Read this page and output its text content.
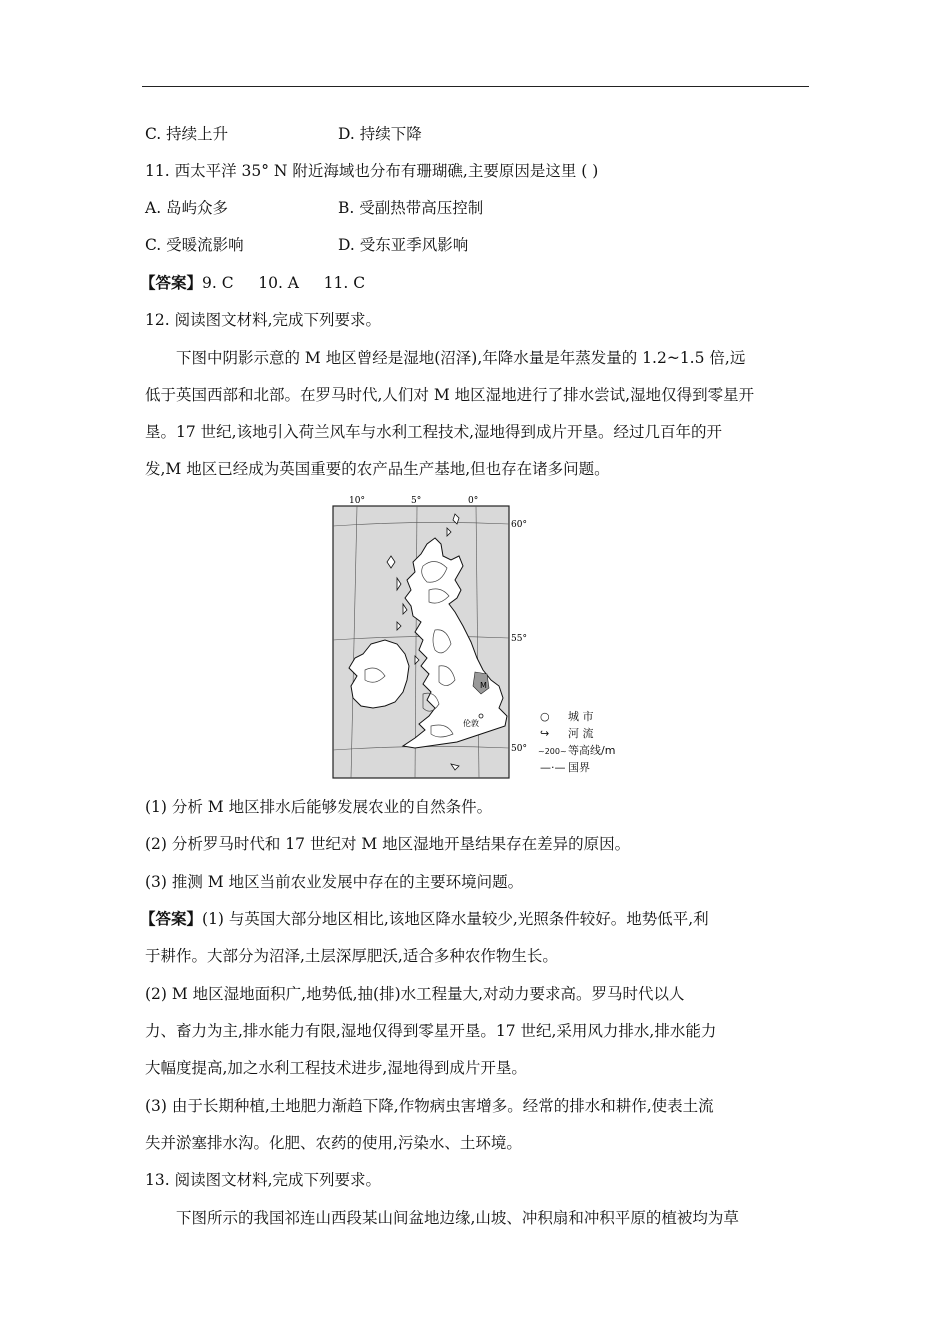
C. 持续上升	D. 持续下降
11. 西太平洋 35° N 附近海域也分布有珊瑚礁,主要原因是这里 ( )
A. 岛屿众多	B. 受副热带高压控制
C. 受暖流影响	D. 受东亚季风影响
【答案】9. C     10. A     11. C
12. 阅读图文材料,完成下列要求。
下图中阴影示意的 M 地区曾经是湿地(沼泽),年降水量是年蒸发量的 1.2~1.5 倍,远
低于英国西部和北部。在罗马时代,人们对 M 地区湿地进行了排水尝试,湿地仅得到零星开
垦。17 世纪,该地引入荷兰风车与水利工程技术,湿地得到成片开垦。经过几百年的开
发,M 地区已经成为英国重要的农产品生产基地,但也存在诸多问题。
10°	5°	0°
60°
55°
50°
M
伦敦
○ 城 市
↪ 河 流
~200~等高线/m
—·— 国界
(1) 分析 M 地区排水后能够发展农业的自然条件。
(2) 分析罗马时代和 17 世纪对 M 地区湿地开垦结果存在差异的原因。
(3) 推测 M 地区当前农业发展中存在的主要环境问题。
【答案】(1) 与英国大部分地区相比,该地区降水量较少,光照条件较好。地势低平,利
于耕作。大部分为沼泽,土层深厚肥沃,适合多种农作物生长。
(2) M 地区湿地面积广,地势低,抽(排)水工程量大,对动力要求高。罗马时代以人
力、畜力为主,排水能力有限,湿地仅得到零星开垦。17 世纪,采用风力排水,排水能力
大幅度提高,加之水利工程技术进步,湿地得到成片开垦。
(3) 由于长期种植,土地肥力渐趋下降,作物病虫害增多。经常的排水和耕作,使表土流
失并淤塞排水沟。化肥、农药的使用,污染水、土环境。
13. 阅读图文材料,完成下列要求。
下图所示的我国祁连山西段某山间盆地边缘,山坡、冲积扇和冲积平原的植被均为草
